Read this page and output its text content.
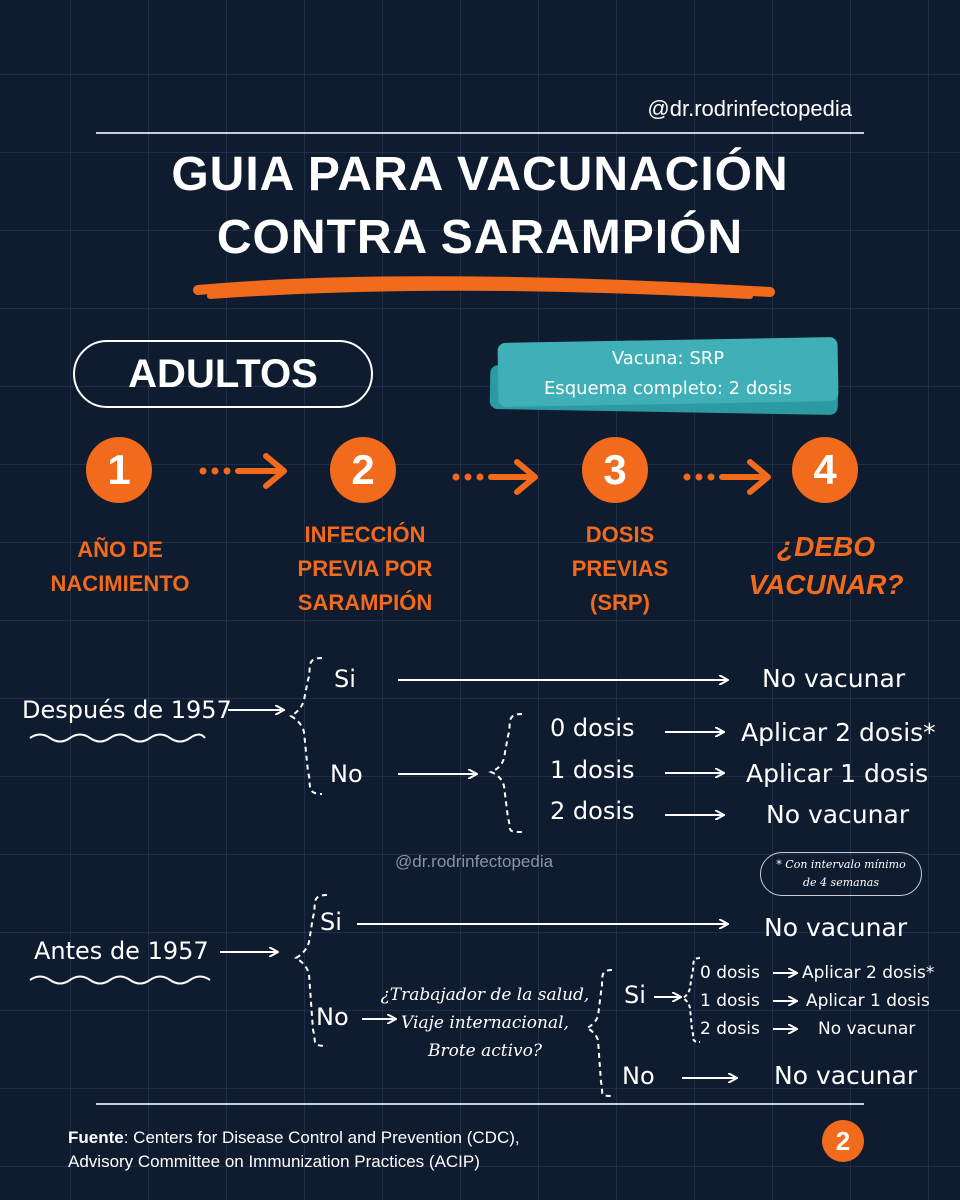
@dr.rodrinfectopedia
GUIA PARA VACUNACIÓN
CONTRA SARAMPIÓN
ADULTOS	Vacuna: SRP
Esquema completo: 2 dosis
1	2	3	4
AÑO DE
NACIMIENTO
INFECCIÓN
PREVIA POR
SARAMPIÓN
DOSIS
PREVIAS
(SRP)
¿DEBO
VACUNAR?
Después de 1957
Si	No vacunar
No
0 dosis
1 dosis
2 dosis
Aplicar 2 dosis*
Aplicar 1 dosis
No vacunar
@dr.rodrinfectopedia	* Con intervalo mínimo
de 4 semanas
Antes de 1957
Si	No vacunar
No
¿Trabajador de la salud,
Viaje internacional,
Brote activo?
Si
0 dosis
1 dosis
2 dosis
Aplicar 2 dosis*
Aplicar 1 dosis
No vacunar
No	No vacunar
Fuente: Centers for Disease Control and Prevention (CDC),
Advisory Committee on Immunization Practices (ACIP)
2
